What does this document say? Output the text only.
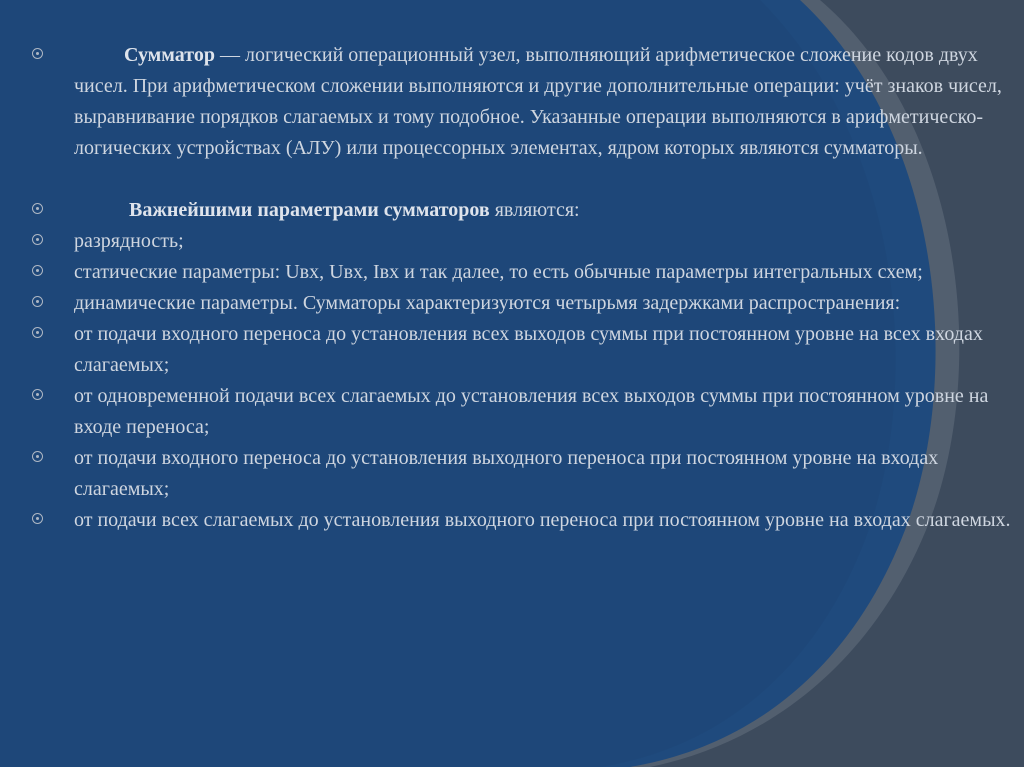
Сумматор — логический операционный узел, выполняющий арифметическое сложение кодов двух чисел. При арифметическом сложении выполняются и другие дополнительные операции: учёт знаков чисел, выравнивание порядков слагаемых и тому подобное. Указанные операции выполняются в арифметическо-логических устройствах (АЛУ) или процессорных элементах, ядром которых являются сумматоры.

Важнейшими параметрами сумматоров являются:

разрядность;

статические параметры: Uвх, Uвх, Iвх и так далее, то есть обычные параметры интегральных схем;

динамические параметры. Сумматоры характеризуются четырьмя задержками распространения:

от подачи входного переноса до установления всех выходов суммы при постоянном уровне на всех входах слагаемых;

от одновременной подачи всех слагаемых до установления всех выходов суммы при постоянном уровне на входе переноса;

от подачи входного переноса до установления выходного переноса при постоянном уровне на входах слагаемых;

от подачи всех слагаемых до установления выходного переноса при постоянном уровне на входах слагаемых.
